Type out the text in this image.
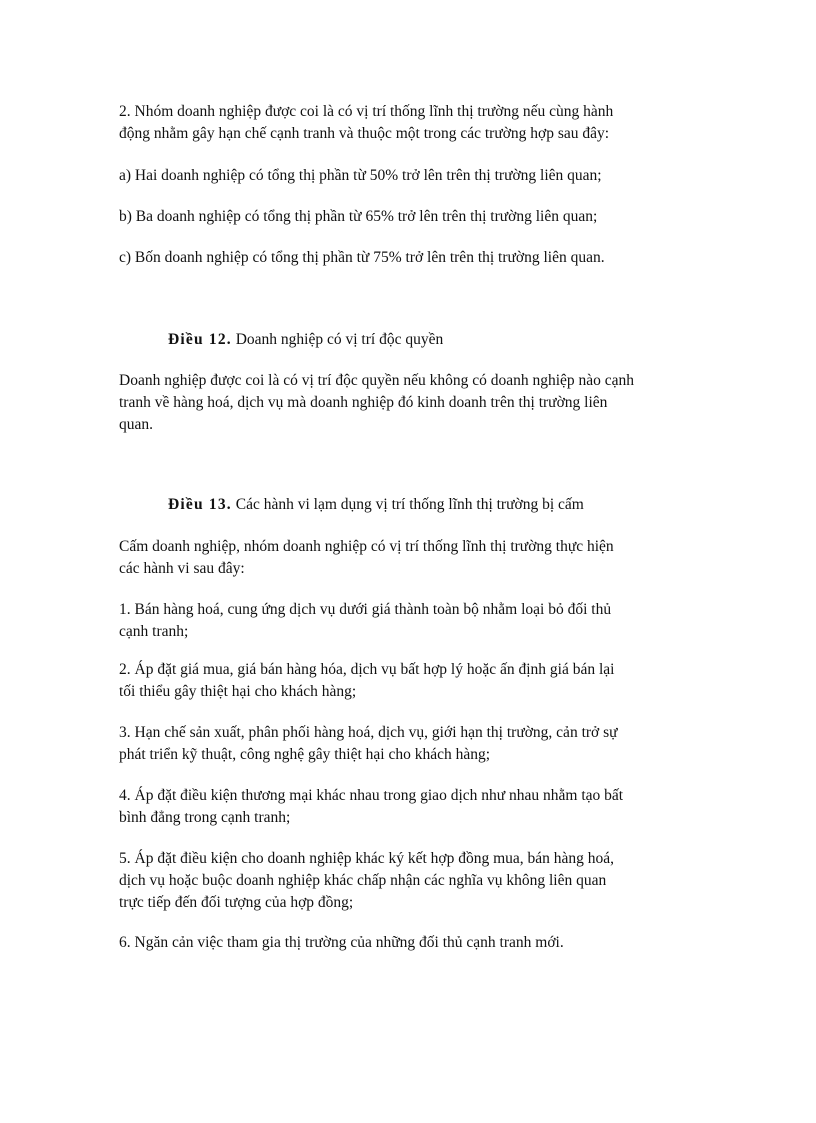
2. Nhóm doanh nghiệp được coi là có vị trí thống lĩnh thị trường nếu cùng hành
động nhằm gây hạn chế cạnh tranh và thuộc một trong các trường hợp sau đây:

a) Hai doanh nghiệp có tổng thị phần từ 50% trở lên trên thị trường liên quan;

b) Ba doanh nghiệp có tổng thị phần từ 65% trở lên trên thị trường liên quan;

c) Bốn doanh nghiệp có tổng thị phần từ 75% trở lên trên thị trường liên quan.

Điều 12. Doanh nghiệp có vị trí độc quyền

Doanh nghiệp được coi là có vị trí độc quyền nếu không có doanh nghiệp nào cạnh
tranh về hàng hoá, dịch vụ mà doanh nghiệp đó kinh doanh trên thị trường liên
quan.

Điều 13. Các hành vi lạm dụng vị trí thống lĩnh thị trường bị cấm

Cấm doanh nghiệp, nhóm doanh nghiệp có vị trí thống lĩnh thị trường thực hiện
các hành vi sau đây:

1. Bán hàng hoá, cung ứng dịch vụ dưới giá thành toàn bộ nhằm loại bỏ đối thủ
cạnh tranh;

2. Áp đặt giá mua, giá bán hàng hóa, dịch vụ bất hợp lý hoặc ấn định giá bán lại
tối thiểu gây thiệt hại cho khách hàng;

3. Hạn chế sản xuất, phân phối hàng hoá, dịch vụ, giới hạn thị trường, cản trở sự
phát triển kỹ thuật, công nghệ gây thiệt hại cho khách hàng;

4. Áp đặt điều kiện thương mại khác nhau trong giao dịch như nhau nhằm tạo bất
bình đẳng trong cạnh tranh;

5. Áp đặt điều kiện cho doanh nghiệp khác ký kết hợp đồng mua, bán hàng hoá,
dịch vụ hoặc buộc doanh nghiệp khác chấp nhận các nghĩa vụ không liên quan
trực tiếp đến đối tượng của hợp đồng;

6. Ngăn cản việc tham gia thị trường của những đối thủ cạnh tranh mới.
